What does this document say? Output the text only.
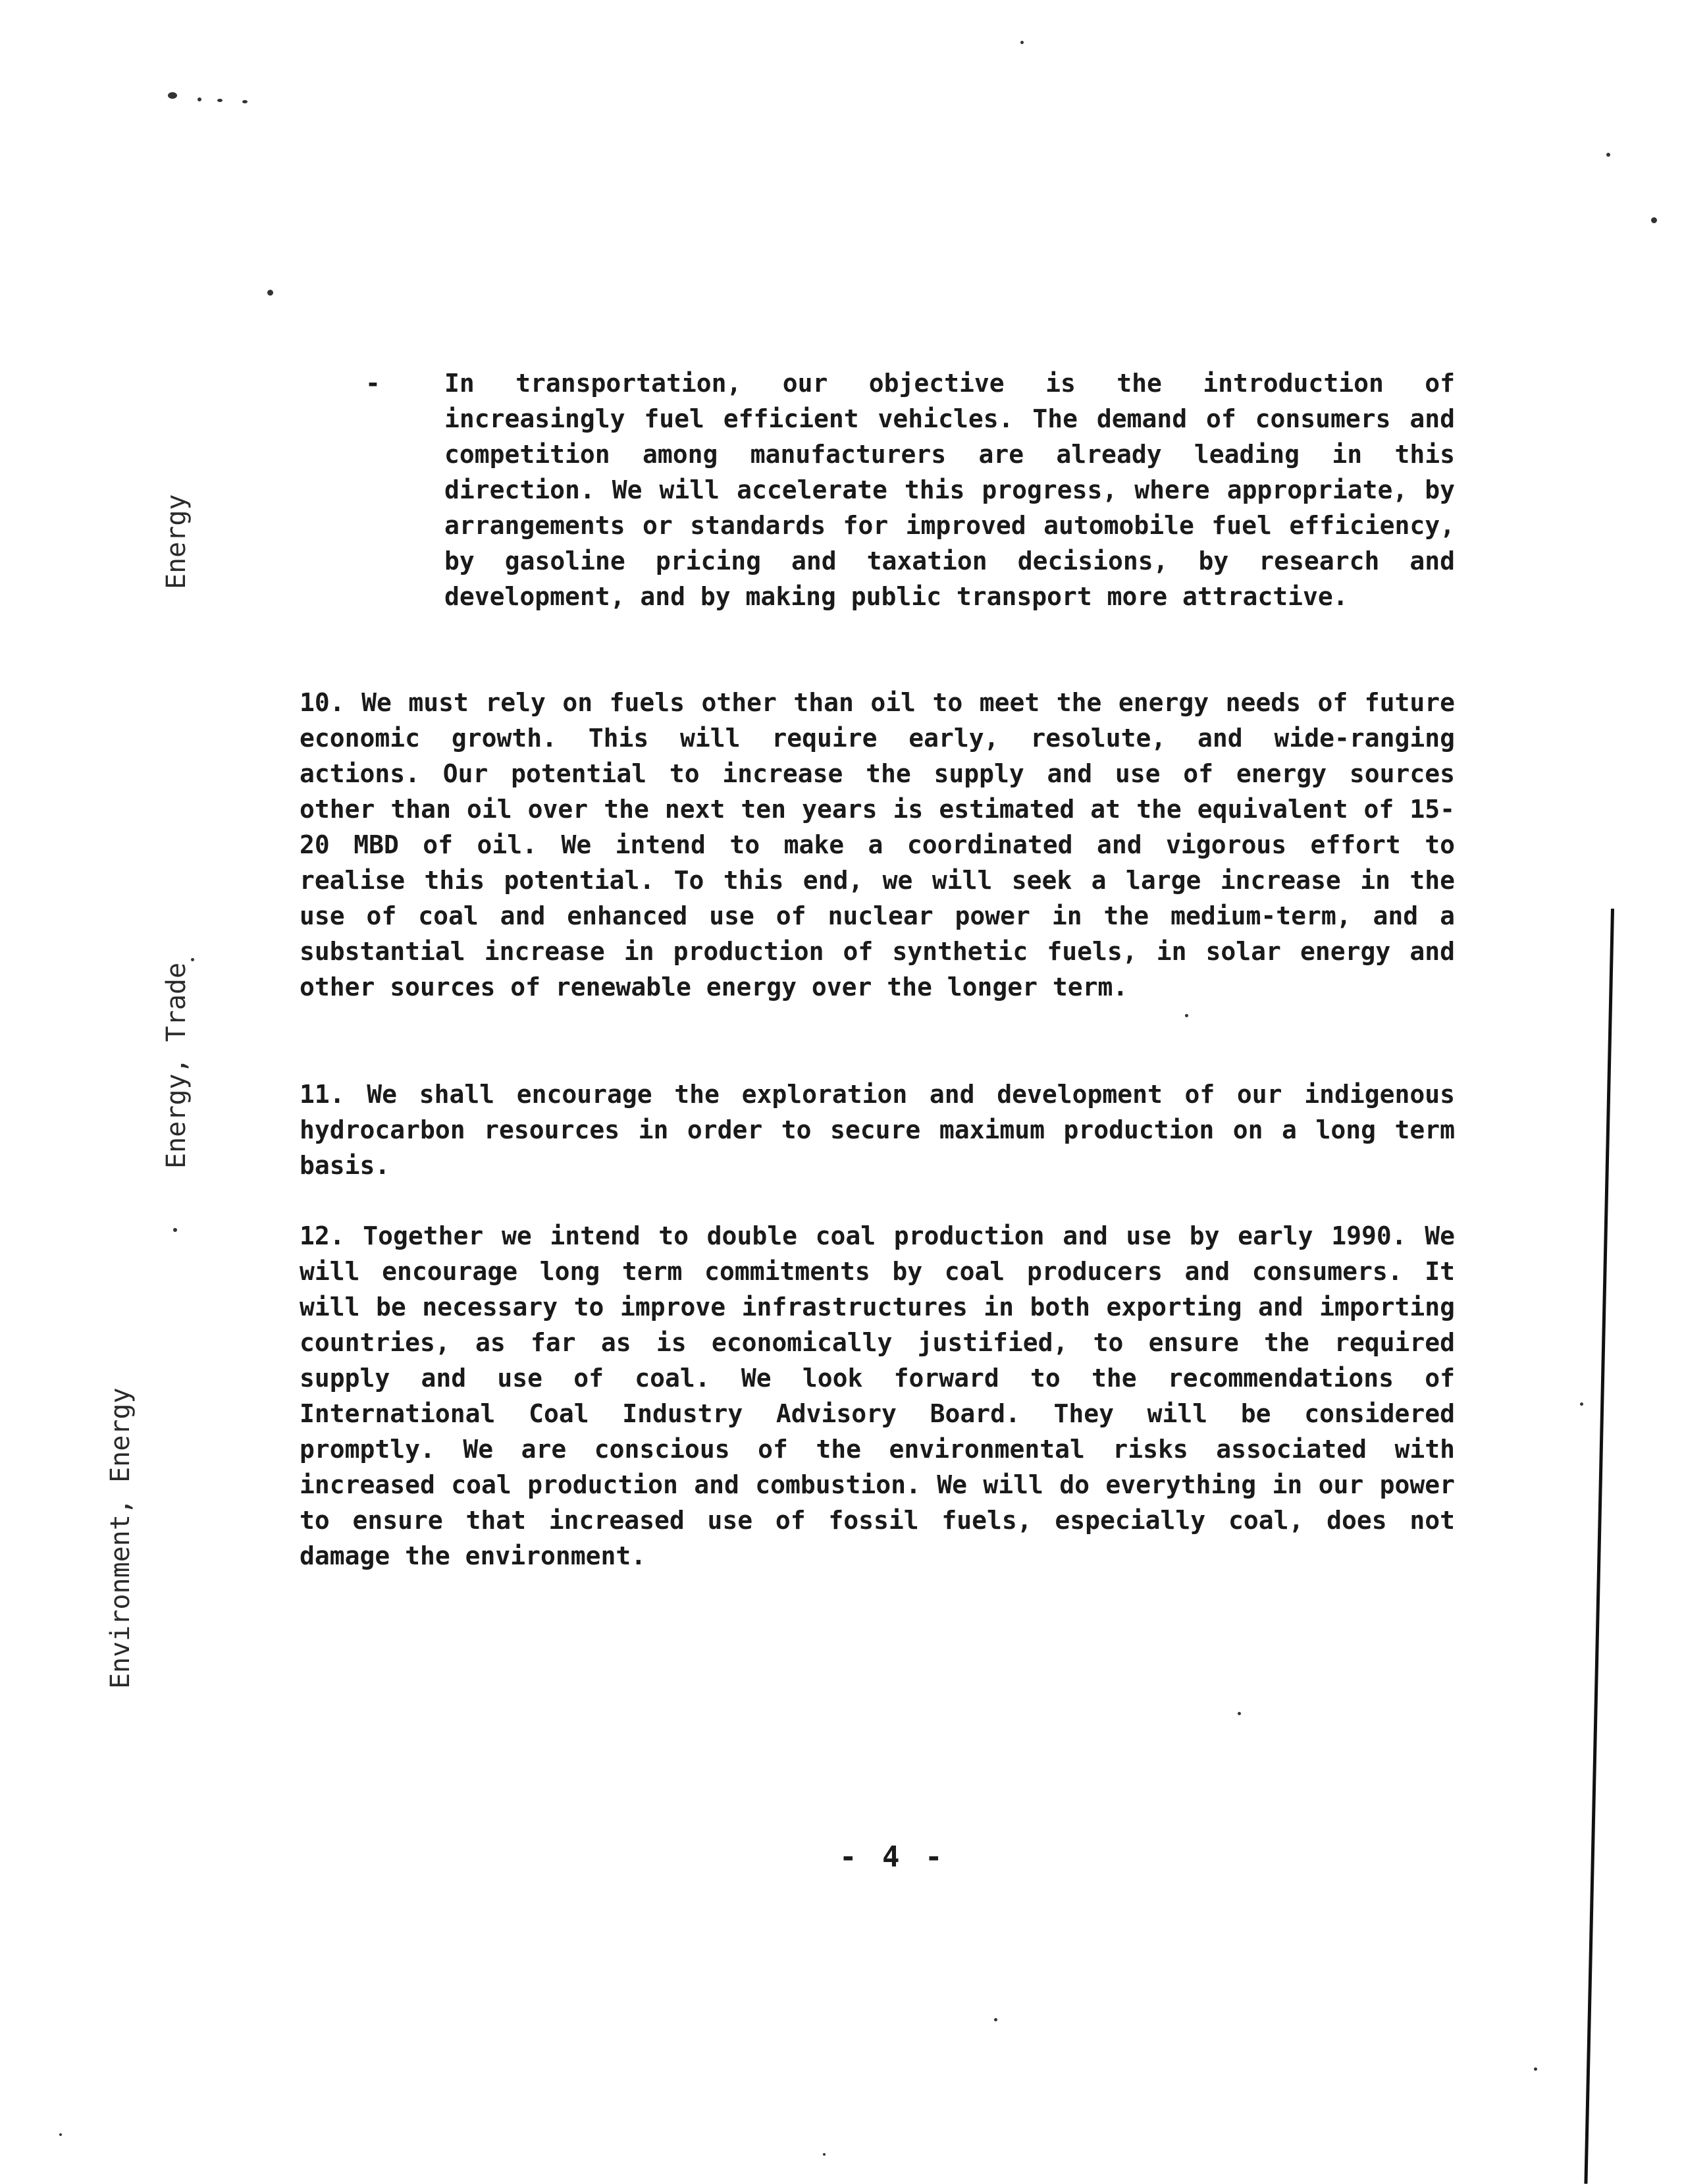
Energy
Energy, Trade
Environment, Energy
-	In transportation, our objective is the introduction of increasingly fuel efficient vehicles. The demand of consumers and competition among manufacturers are already leading in this direction. We will accelerate this progress, where appropriate, by arrangements or standards for improved automobile fuel efficiency, by gasoline pricing and taxation decisions, by research and development, and by making public transport more attractive.
10. We must rely on fuels other than oil to meet the energy needs of future economic growth. This will require early, resolute, and wide-ranging actions. Our potential to increase the supply and use of energy sources other than oil over the next ten years is estimated at the equivalent of 15-20 MBD of oil. We intend to make a coordinated and vigorous effort to realise this potential. To this end, we will seek a large increase in the use of coal and enhanced use of nuclear power in the medium-term, and a substantial increase in production of synthetic fuels, in solar energy and other sources of renewable energy over the longer term.
11. We shall encourage the exploration and development of our indigenous hydrocarbon resources in order to secure maximum production on a long term basis.
12. Together we intend to double coal production and use by early 1990. We will encourage long term commitments by coal producers and consumers. It will be necessary to improve infrastructures in both exporting and importing countries, as far as is economically justified, to ensure the required supply and use of coal. We look forward to the recommendations of International Coal Industry Advisory Board. They will be considered promptly. We are conscious of the environmental risks associated with increased coal production and combustion. We will do everything in our power to ensure that increased use of fossil fuels, especially coal, does not damage the environment.
- 4 -
